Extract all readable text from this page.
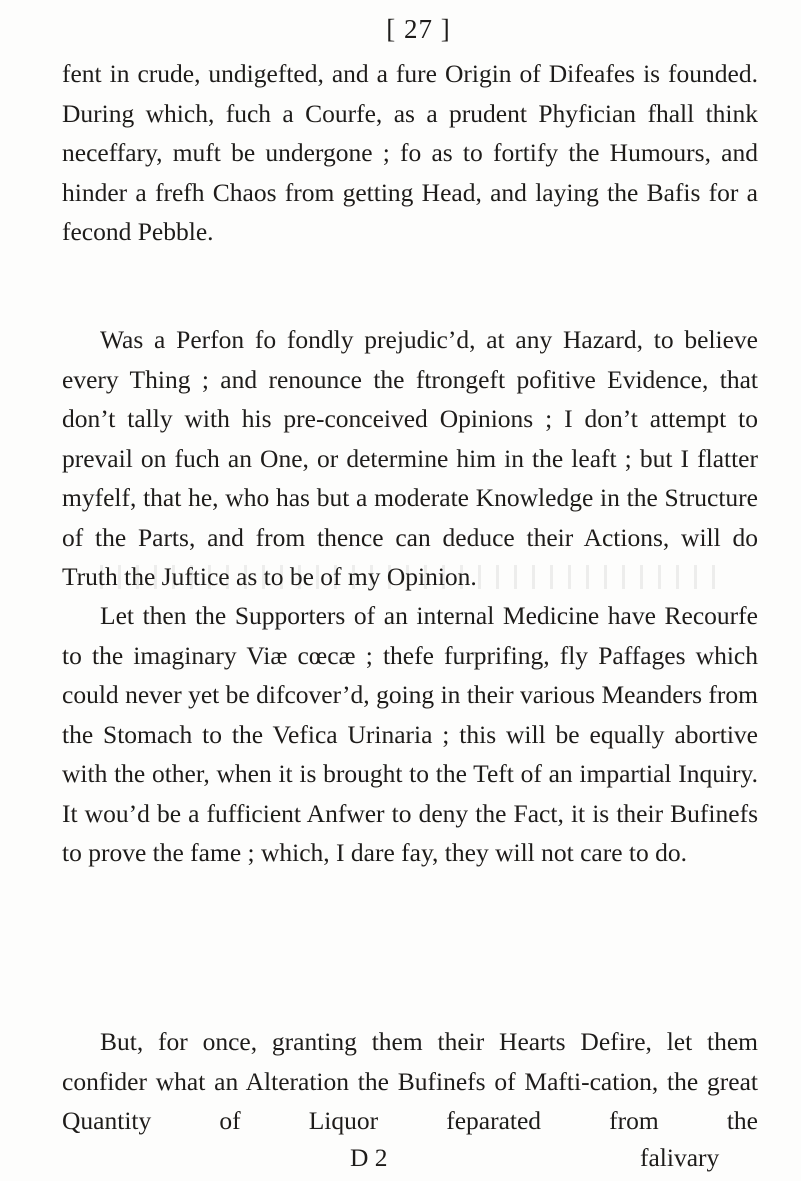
[ 27 ]

fent in crude, undigefted, and a fure Origin of Difeafes is founded. During which, fuch a Courfe, as a prudent Phyfician fhall think neceffary, muft be undergone ; fo as to fortify the Humours, and hinder a frefh Chaos from getting Head, and laying the Bafis for a fecond Pebble.

Was a Perfon fo fondly prejudic’d, at any Hazard, to believe every Thing ; and renounce the ftrongeft pofitive Evidence, that don’t tally with his pre-conceived Opinions ; I don’t attempt to prevail on fuch an One, or determine him in the leaft ; but I flatter myfelf, that he, who has but a moderate Knowledge in the Structure of the Parts, and from thence can deduce their Actions, will do Truth the Juftice as to be of my Opinion.

Let then the Supporters of an internal Medicine have Recourfe to the imaginary Viæ cœcæ ; thefe furprifing, fly Paffages which could never yet be difcover’d, going in their various Meanders from the Stomach to the Vefica Urinaria ; this will be equally abortive with the other, when it is brought to the Teft of an impartial Inquiry. It wou’d be a fufficient Anfwer to deny the Fact, it is their Bufinefs to prove the fame ; which, I dare fay, they will not care to do.

But, for once, granting them their Hearts Defire, let them confider what an Alteration the Bufinefs of Mafti-cation, the great Quantity of Liquor feparated from the

D 2	falivary
